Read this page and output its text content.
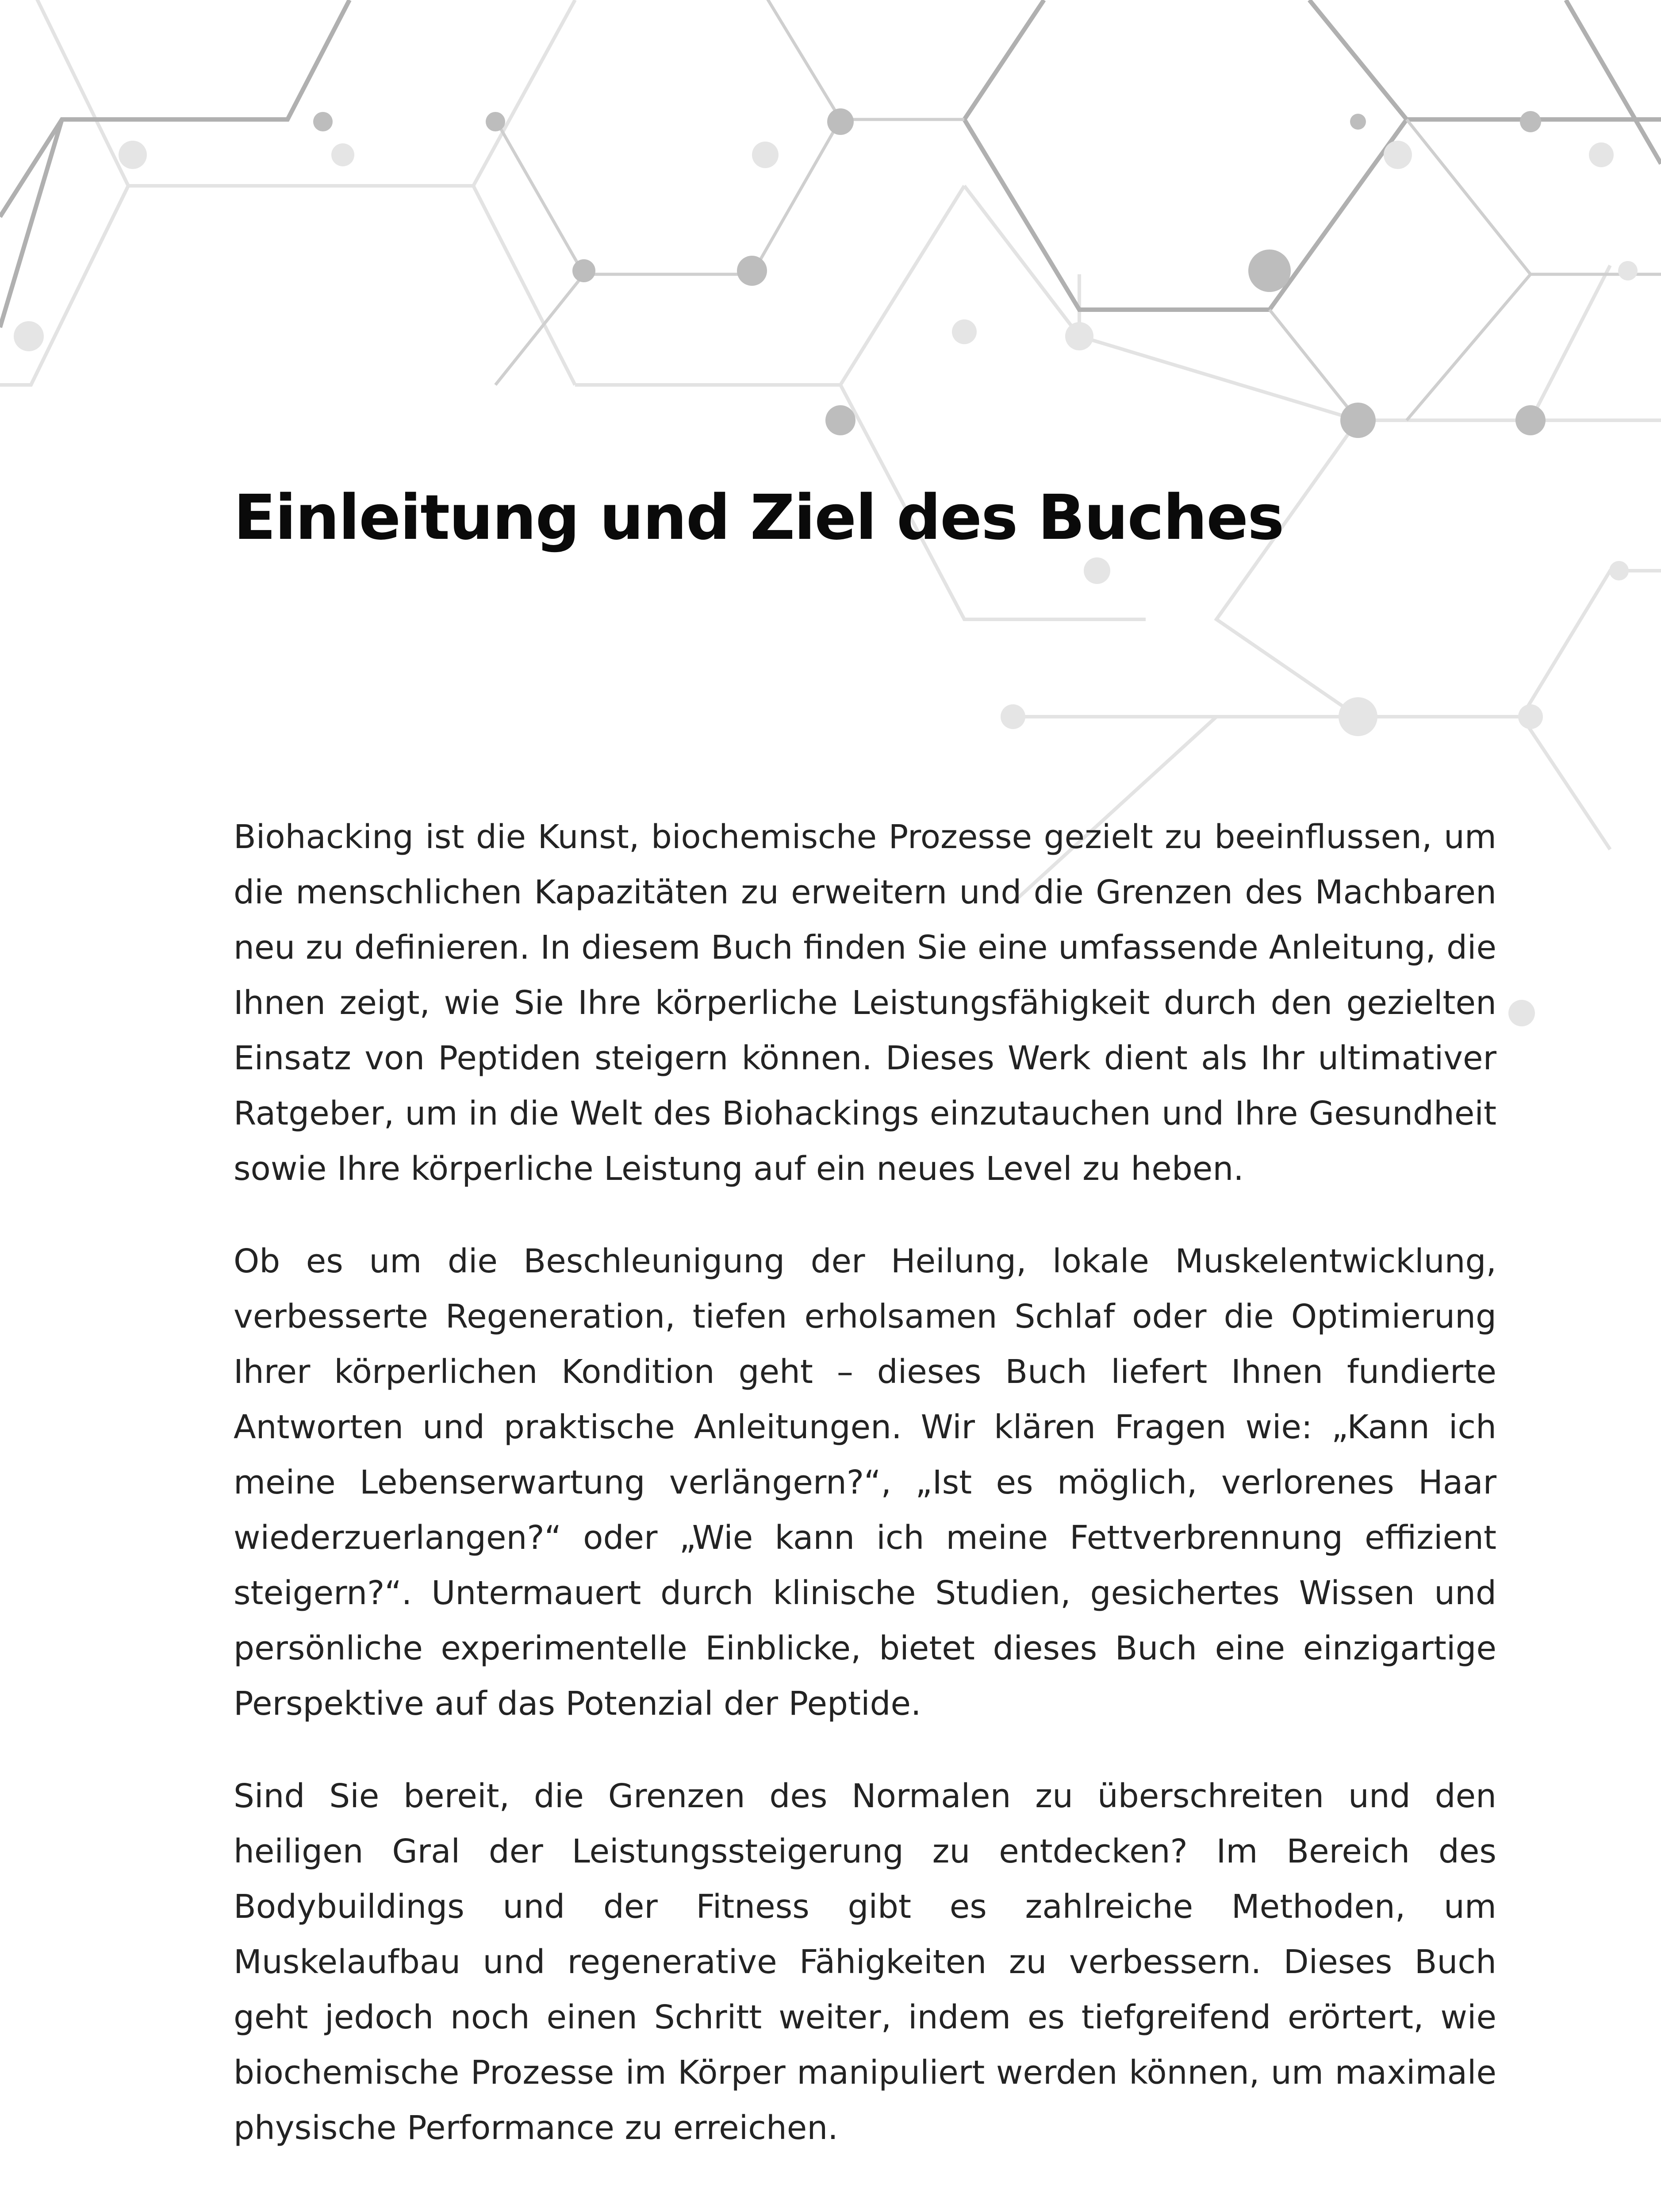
Einleitung und Ziel des Buches

Biohacking ist die Kunst, biochemische Prozesse gezielt zu beeinflussen, um die menschlichen Kapazitäten zu erweitern und die Grenzen des Machbaren neu zu definieren. In diesem Buch finden Sie eine umfassende Anleitung, die Ihnen zeigt, wie Sie Ihre körperliche Leistungsfähigkeit durch den gezielten Einsatz von Peptiden steigern können. Dieses Werk dient als Ihr ultimativer Ratgeber, um in die Welt des Biohackings einzutauchen und Ihre Gesundheit sowie Ihre körperliche Leistung auf ein neues Level zu heben.

Ob es um die Beschleunigung der Heilung, lokale Muskelentwicklung, verbesserte Regeneration, tiefen erholsamen Schlaf oder die Optimierung Ihrer körperlichen Kondition geht – dieses Buch liefert Ihnen fundierte Antworten und praktische Anleitungen. Wir klären Fragen wie: „Kann ich meine Lebenserwartung verlängern?“, „Ist es möglich, verlorenes Haar wiederzuerlangen?“ oder „Wie kann ich meine Fettverbrennung effizient steigern?“. Untermauert durch klinische Studien, gesichertes Wissen und persönliche experimentelle Einblicke, bietet dieses Buch eine einzigartige Perspektive auf das Potenzial der Peptide.

Sind Sie bereit, die Grenzen des Normalen zu überschreiten und den heiligen Gral der Leistungssteigerung zu entdecken? Im Bereich des Bodybuildings und der Fitness gibt es zahlreiche Methoden, um Muskelaufbau und regenerative Fähigkeiten zu verbessern. Dieses Buch geht jedoch noch einen Schritt weiter, indem es tiefgreifend erörtert, wie biochemische Prozesse im Körper manipuliert werden können, um maximale physische Performance zu erreichen.
